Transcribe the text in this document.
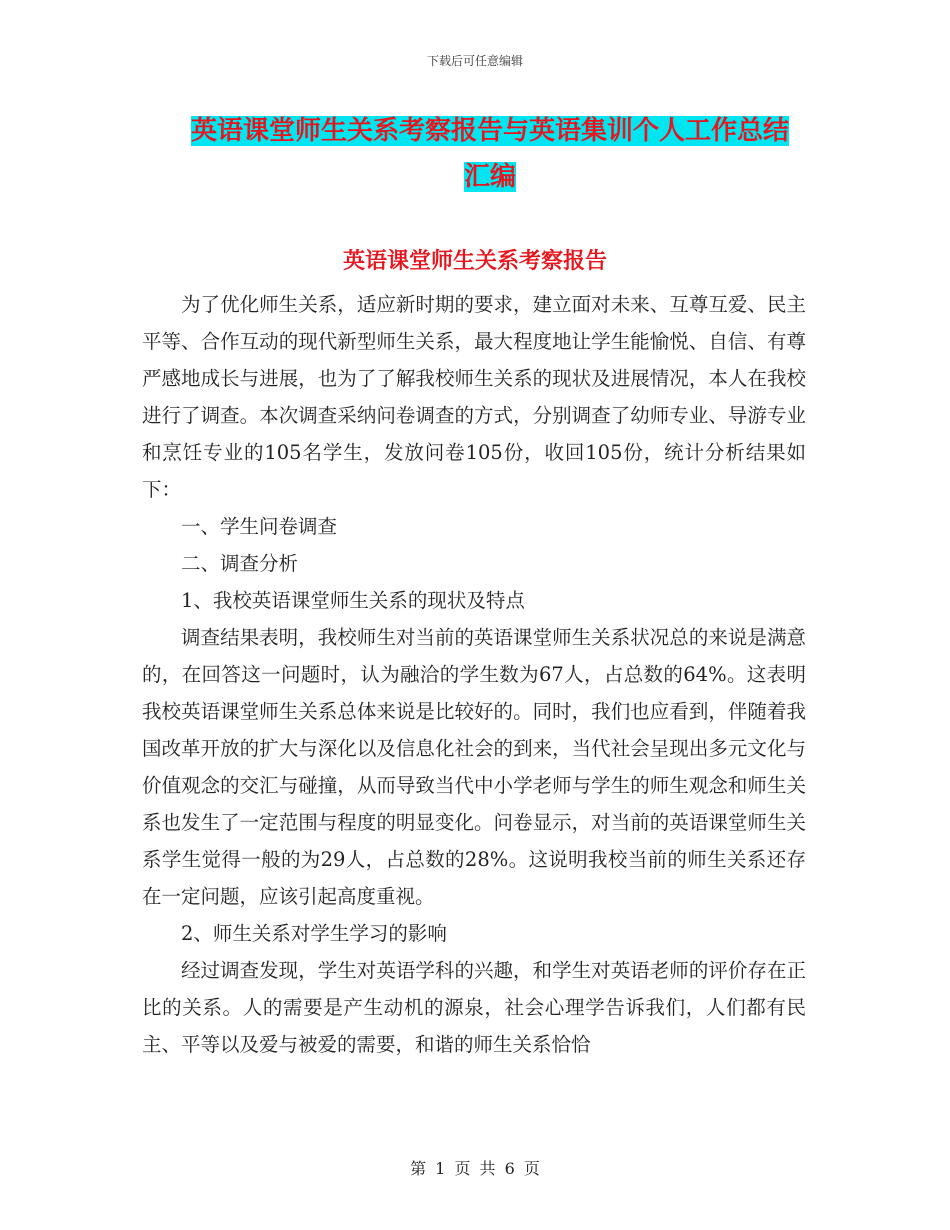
下载后可任意编辑
英语课堂师生关系考察报告与英语集训个人工作总结
汇编
英语课堂师生关系考察报告

为了优化师生关系，适应新时期的要求，建立面对未来、互尊互爱、民主平等、合作互动的现代新型师生关系，最大程度地让学生能愉悦、自信、有尊严感地成长与进展，也为了了解我校师生关系的现状及进展情况，本人在我校进行了调查。本次调查采纳问卷调查的方式，分别调查了幼师专业、导游专业和烹饪专业的105名学生，发放问卷105份，收回105份，统计分析结果如下：

一、学生问卷调查

二、调查分析

1、我校英语课堂师生关系的现状及特点

调查结果表明，我校师生对当前的英语课堂师生关系状况总的来说是满意的，在回答这一问题时，认为融洽的学生数为67人，占总数的64%。这表明我校英语课堂师生关系总体来说是比较好的。同时，我们也应看到，伴随着我国改革开放的扩大与深化以及信息化社会的到来，当代社会呈现出多元文化与价值观念的交汇与碰撞，从而导致当代中小学老师与学生的师生观念和师生关系也发生了一定范围与程度的明显变化。问卷显示，对当前的英语课堂师生关系学生觉得一般的为29人，占总数的28%。这说明我校当前的师生关系还存在一定问题，应该引起高度重视。

2、师生关系对学生学习的影响

经过调查发现，学生对英语学科的兴趣，和学生对英语老师的评价存在正比的关系。人的需要是产生动机的源泉，社会心理学告诉我们，人们都有民主、平等以及爱与被爱的需要，和谐的师生关系恰恰

第 1 页 共 6 页
